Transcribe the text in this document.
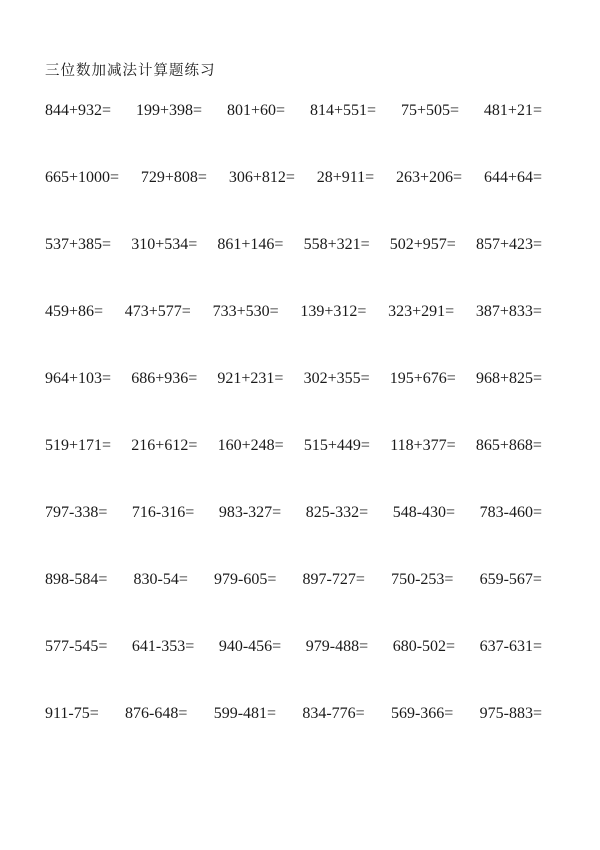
三位数加减法计算题练习
844+932= 199+398= 801+60= 814+551= 75+505= 481+21=
665+1000= 729+808= 306+812= 28+911= 263+206= 644+64=
537+385= 310+534= 861+146= 558+321= 502+957= 857+423=
459+86= 473+577= 733+530= 139+312= 323+291= 387+833=
964+103= 686+936= 921+231= 302+355= 195+676= 968+825=
519+171= 216+612= 160+248= 515+449= 118+377= 865+868=
797-338= 716-316= 983-327= 825-332= 548-430= 783-460=
898-584= 830-54= 979-605= 897-727= 750-253= 659-567=
577-545= 641-353= 940-456= 979-488= 680-502= 637-631=
911-75= 876-648= 599-481= 834-776= 569-366= 975-883=
